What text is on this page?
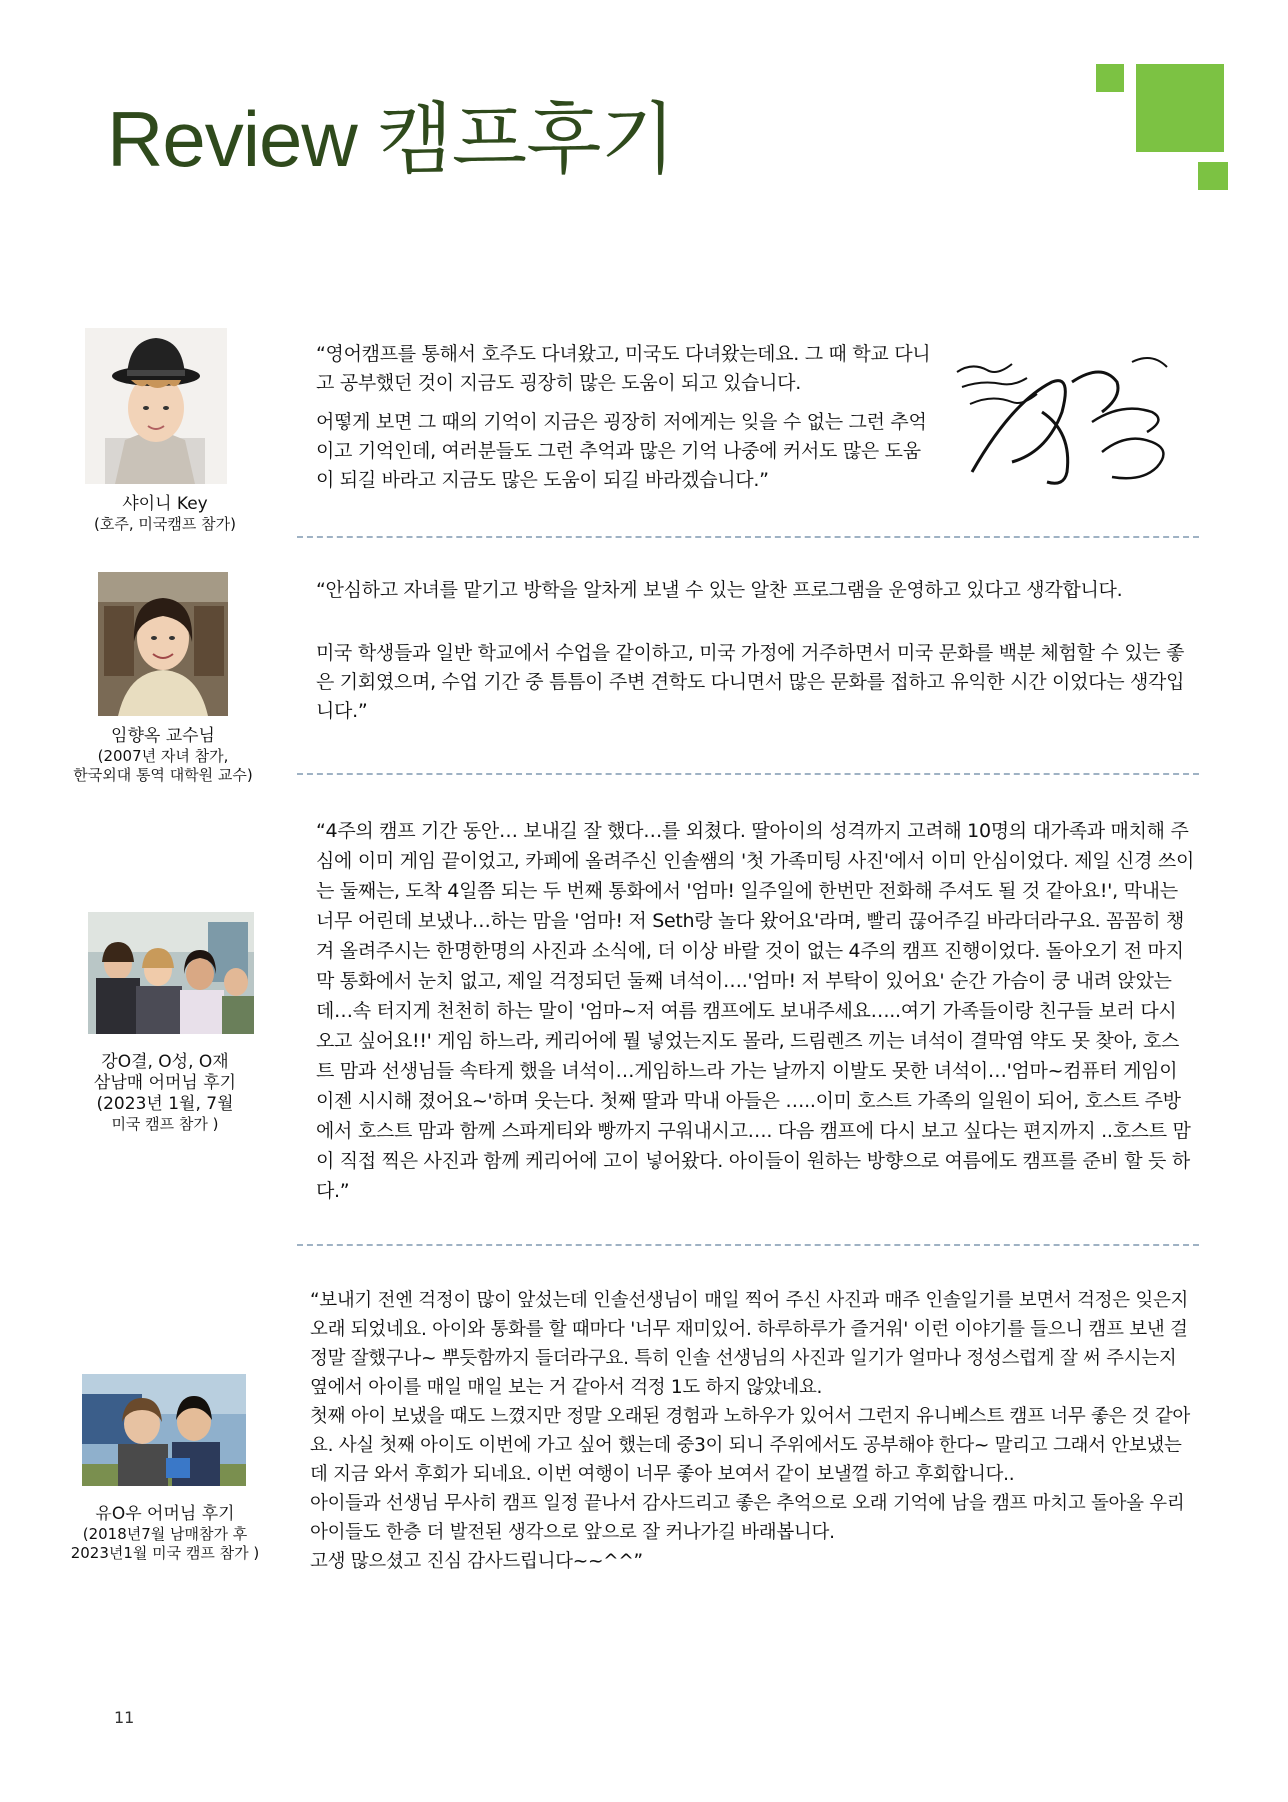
Review 캠프후기
샤이니 Key
(호주, 미국캠프 참가)

“영어캠프를 통해서 호주도 다녀왔고, 미국도 다녀왔는데요. 그 때 학교 다니고 공부했던 것이 지금도 굉장히 많은 도움이 되고 있습니다.

어떻게 보면 그 때의 기억이 지금은 굉장히 저에게는 잊을 수 없는 그런 추억이고 기억인데, 여러분들도 그런 추억과 많은 기억 나중에 커서도 많은 도움이 되길 바라고 지금도 많은 도움이 되길 바라겠습니다.”

임향옥 교수님
(2007년 자녀 참가,
한국외대 통역 대학원 교수)

“안심하고 자녀를 맡기고 방학을 알차게 보낼 수 있는 알찬 프로그램을 운영하고 있다고 생각합니다.

미국 학생들과 일반 학교에서 수업을 같이하고, 미국 가정에 거주하면서 미국 문화를 백분 체험할 수 있는 좋은 기회였으며, 수업 기간 중 틈틈이 주변 견학도 다니면서 많은 문화를 접하고 유익한 시간 이었다는 생각입니다.”

강O결, O성, O재
삼남매 어머님 후기
(2023년 1월, 7월
미국 캠프 참가 )

“4주의 캠프 기간 동안… 보내길 잘 했다…를 외쳤다. 딸아이의 성격까지 고려해 10명의 대가족과 매치해 주심에 이미 게임 끝이었고, 카페에 올려주신 인솔쌤의 '첫 가족미팅 사진'에서 이미 안심이었다. 제일 신경 쓰이는 둘째는, 도착 4일쯤 되는 두 번째 통화에서 '엄마! 일주일에 한번만 전화해 주셔도 될 것 같아요!', 막내는 너무 어린데 보냈나…하는 맘을 '엄마! 저 Seth랑 놀다 왔어요'라며, 빨리 끊어주길 바라더라구요. 꼼꼼히 챙겨 올려주시는 한명한명의 사진과 소식에, 더 이상 바랄 것이 없는 4주의 캠프 진행이었다. 돌아오기 전 마지막 통화에서 눈치 없고, 제일 걱정되던 둘째 녀석이….'엄마! 저 부탁이 있어요' 순간 가슴이 쿵 내려 앉았는데…속 터지게 천천히 하는 말이 '엄마~저 여름 캠프에도 보내주세요…..여기 가족들이랑 친구들 보러 다시 오고 싶어요!!' 게임 하느라, 케리어에 뭘 넣었는지도 몰라, 드림렌즈 끼는 녀석이 결막염 약도 못 찾아, 호스트 맘과 선생님들 속타게 했을 녀석이…게임하느라 가는 날까지 이발도 못한 녀석이…'엄마~컴퓨터 게임이 이젠 시시해 졌어요~'하며 웃는다. 첫째 딸과 막내 아들은 …..이미 호스트 가족의 일원이 되어, 호스트 주방에서 호스트 맘과 함께 스파게티와 빵까지 구워내시고…. 다음 캠프에 다시 보고 싶다는 편지까지 ..호스트 맘이 직접 찍은 사진과 함께 케리어에 고이 넣어왔다. 아이들이 원하는 방향으로 여름에도 캠프를 준비 할 듯 하다.”

유O우 어머님 후기
(2018년7월 남매참가 후
2023년1월 미국 캠프 참가 )

“보내기 전엔 걱정이 많이 앞섰는데 인솔선생님이 매일 찍어 주신 사진과 매주 인솔일기를 보면서 걱정은 잊은지 오래 되었네요. 아이와 통화를 할 때마다 '너무 재미있어. 하루하루가 즐거워' 이런 이야기를 들으니 캠프 보낸 걸 정말 잘했구나~ 뿌듯함까지 들더라구요. 특히 인솔 선생님의 사진과 일기가 얼마나 정성스럽게 잘 써 주시는지 옆에서 아이를 매일 매일 보는 거 같아서 걱정 1도 하지 않았네요.

첫째 아이 보냈을 때도 느꼈지만 정말 오래된 경험과 노하우가 있어서 그런지 유니베스트 캠프 너무 좋은 것 같아요. 사실 첫째 아이도 이번에 가고 싶어 했는데 중3이 되니 주위에서도 공부해야 한다~ 말리고 그래서 안보냈는데 지금 와서 후회가 되네요. 이번 여행이 너무 좋아 보여서 같이 보낼껄 하고 후회합니다..

아이들과 선생님 무사히 캠프 일정 끝나서 감사드리고 좋은 추억으로 오래 기억에 남을 캠프 마치고 돌아올 우리 아이들도 한층 더 발전된 생각으로 앞으로 잘 커나가길 바래봅니다.

고생 많으셨고 진심 감사드립니다~~^^”

11
